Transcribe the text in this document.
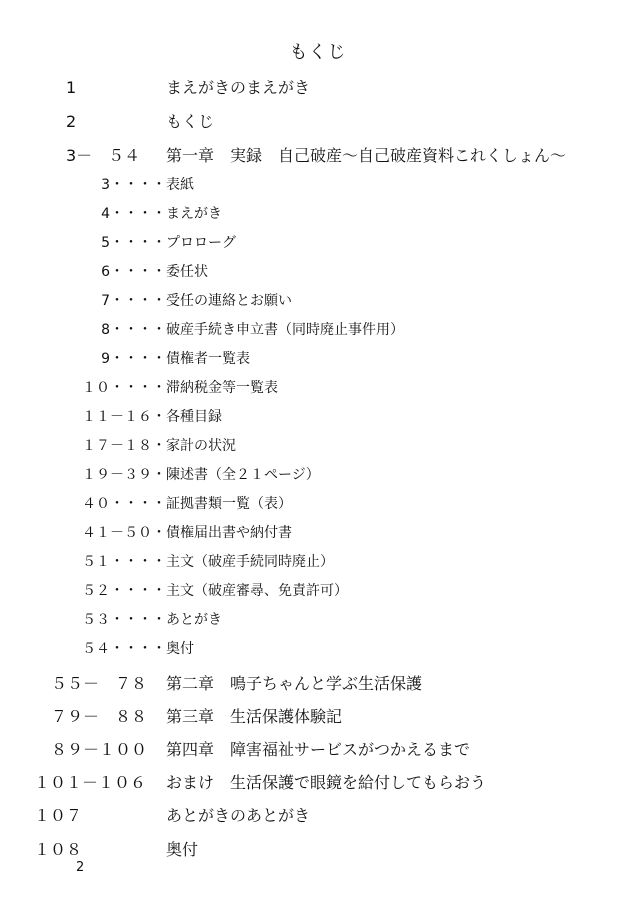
もくじ
1	まえがきのまえがき
2	もくじ
3－　５４ 第一章　実録　自己破産～自己破産資料これくしょん～
3・・・・ 表紙
4・・・・ まえがき
5・・・・ プロローグ
6・・・・ 委任状
7・・・・ 受任の連絡とお願い
8・・・・ 破産手続き申立書（同時廃止事件用）
9・・・・ 債権者一覧表
１０・・・・ 滞納税金等一覧表
１１－１６・ 各種目録
１７－１８・ 家計の状況
１９－３９・ 陳述書（全２１ページ）
４０・・・・ 証拠書類一覧（表）
４１－５０・ 債権届出書や納付書
５１・・・・ 主文（破産手続同時廃止）
５２・・・・ 主文（破産審尋、免責許可）
５３・・・・ あとがき
５４・・・・ 奥付
５５－　７８ 第二章　鳴子ちゃんと学ぶ生活保護
７９－　８８ 第三章　生活保護体験記
８９－１００ 第四章　障害福祉サービスがつかえるまで
１０１－１０６ おまけ　生活保護で眼鏡を給付してもらおう
１０７	あとがきのあとがき
１０８	奥付
2
